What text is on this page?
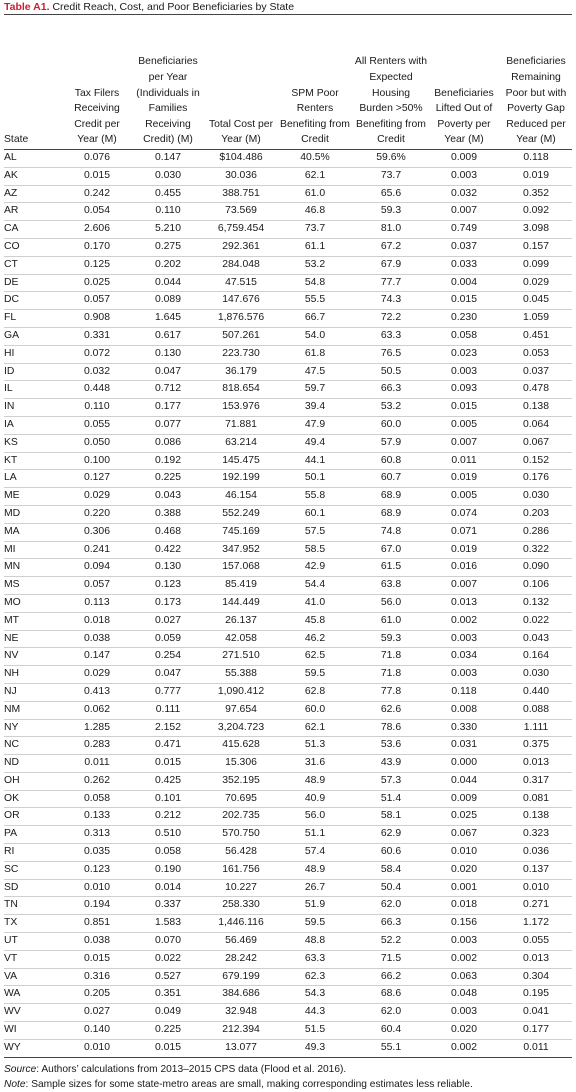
Table A1. Credit Reach, Cost, and Poor Beneficiaries by State
State	Tax Filers Receiving Credit per Year (M)	Beneficiaries per Year (Individuals in Families Receiving Credit) (M)	Total Cost per Year (M)	SPM Poor Renters Benefiting from Credit	All Renters with Expected Housing Burden >50% Benefiting from Credit	Beneficiaries Lifted Out of Poverty per Year (M)	Beneficiaries Remaining Poor but with Poverty Gap Reduced per Year (M)
AL	0.076	0.147	$104.486	40.5%	59.6%	0.009	0.118
AK	0.015	0.030	30.036	62.1	73.7	0.003	0.019
AZ	0.242	0.455	388.751	61.0	65.6	0.032	0.352
AR	0.054	0.110	73.569	46.8	59.3	0.007	0.092
CA	2.606	5.210	6,759.454	73.7	81.0	0.749	3.098
CO	0.170	0.275	292.361	61.1	67.2	0.037	0.157
CT	0.125	0.202	284.048	53.2	67.9	0.033	0.099
DE	0.025	0.044	47.515	54.8	77.7	0.004	0.029
DC	0.057	0.089	147.676	55.5	74.3	0.015	0.045
FL	0.908	1.645	1,876.576	66.7	72.2	0.230	1.059
GA	0.331	0.617	507.261	54.0	63.3	0.058	0.451
HI	0.072	0.130	223.730	61.8	76.5	0.023	0.053
ID	0.032	0.047	36.179	47.5	50.5	0.003	0.037
IL	0.448	0.712	818.654	59.7	66.3	0.093	0.478
IN	0.110	0.177	153.976	39.4	53.2	0.015	0.138
IA	0.055	0.077	71.881	47.9	60.0	0.005	0.064
KS	0.050	0.086	63.214	49.4	57.9	0.007	0.067
KT	0.100	0.192	145.475	44.1	60.8	0.011	0.152
LA	0.127	0.225	192.199	50.1	60.7	0.019	0.176
ME	0.029	0.043	46.154	55.8	68.9	0.005	0.030
MD	0.220	0.388	552.249	60.1	68.9	0.074	0.203
MA	0.306	0.468	745.169	57.5	74.8	0.071	0.286
MI	0.241	0.422	347.952	58.5	67.0	0.019	0.322
MN	0.094	0.130	157.068	42.9	61.5	0.016	0.090
MS	0.057	0.123	85.419	54.4	63.8	0.007	0.106
MO	0.113	0.173	144.449	41.0	56.0	0.013	0.132
MT	0.018	0.027	26.137	45.8	61.0	0.002	0.022
NE	0.038	0.059	42.058	46.2	59.3	0.003	0.043
NV	0.147	0.254	271.510	62.5	71.8	0.034	0.164
NH	0.029	0.047	55.388	59.5	71.8	0.003	0.030
NJ	0.413	0.777	1,090.412	62.8	77.8	0.118	0.440
NM	0.062	0.111	97.654	60.0	62.6	0.008	0.088
NY	1.285	2.152	3,204.723	62.1	78.6	0.330	1.111
NC	0.283	0.471	415.628	51.3	53.6	0.031	0.375
ND	0.011	0.015	15.306	31.6	43.9	0.000	0.013
OH	0.262	0.425	352.195	48.9	57.3	0.044	0.317
OK	0.058	0.101	70.695	40.9	51.4	0.009	0.081
OR	0.133	0.212	202.735	56.0	58.1	0.025	0.138
PA	0.313	0.510	570.750	51.1	62.9	0.067	0.323
RI	0.035	0.058	56.428	57.4	60.6	0.010	0.036
SC	0.123	0.190	161.756	48.9	58.4	0.020	0.137
SD	0.010	0.014	10.227	26.7	50.4	0.001	0.010
TN	0.194	0.337	258.330	51.9	62.0	0.018	0.271
TX	0.851	1.583	1,446.116	59.5	66.3	0.156	1.172
UT	0.038	0.070	56.469	48.8	52.2	0.003	0.055
VT	0.015	0.022	28.242	63.3	71.5	0.002	0.013
VA	0.316	0.527	679.199	62.3	66.2	0.063	0.304
WA	0.205	0.351	384.686	54.3	68.6	0.048	0.195
WV	0.027	0.049	32.948	44.3	62.0	0.003	0.041
WI	0.140	0.225	212.394	51.5	60.4	0.020	0.177
WY	0.010	0.015	13.077	49.3	55.1	0.002	0.011
Source: Authors’ calculations from 2013–2015 CPS data (Flood et al. 2016).
Note: Sample sizes for some state-metro areas are small, making corresponding estimates less reliable.
